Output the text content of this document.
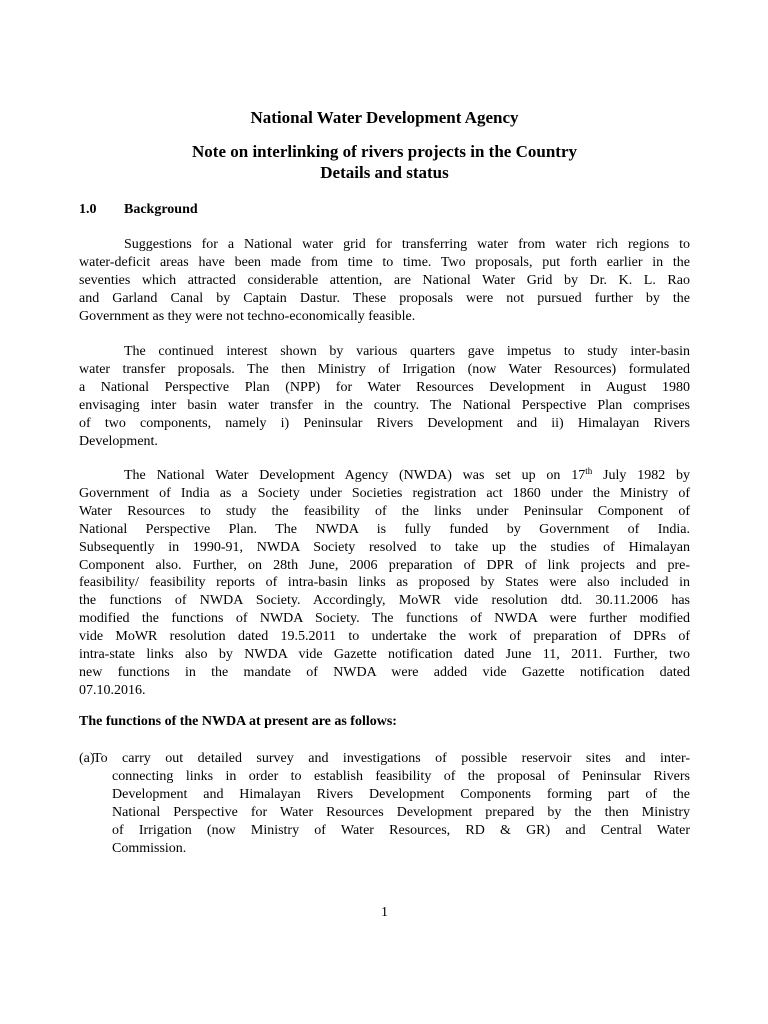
National Water Development Agency

Note on interlinking of rivers projects in the Country

Details and status

1.0 Background

Suggestions for a National water grid for transferring water from water rich regions to
water-deficit areas have been made from time to time. Two proposals, put forth earlier in the
seventies which attracted considerable attention, are National Water Grid by Dr. K. L. Rao
and Garland Canal by Captain Dastur. These proposals were not pursued further by the
Government as they were not techno-economically feasible.
The continued interest shown by various quarters gave impetus to study inter-basin
water transfer proposals. The then Ministry of Irrigation (now Water Resources) formulated
a National Perspective Plan (NPP) for Water Resources Development in August 1980
envisaging inter basin water transfer in the country. The National Perspective Plan comprises
of two components, namely i) Peninsular Rivers Development and ii) Himalayan Rivers
Development.
The National Water Development Agency (NWDA) was set up on 17th July 1982 by
Government of India as a Society under Societies registration act 1860 under the Ministry of
Water Resources to study the feasibility of the links under Peninsular Component of
National Perspective Plan. The NWDA is fully funded by Government of India.
Subsequently in 1990-91, NWDA Society resolved to take up the studies of Himalayan
Component also. Further, on 28th June, 2006 preparation of DPR of link projects and pre-
feasibility/ feasibility reports of intra-basin links as proposed by States were also included in
the functions of NWDA Society. Accordingly, MoWR vide resolution dtd. 30.11.2006 has
modified the functions of NWDA Society. The functions of NWDA were further modified
vide MoWR resolution dated 19.5.2011 to undertake the work of preparation of DPRs of
intra-state links also by NWDA vide Gazette notification dated June 11, 2011. Further, two
new functions in the mandate of NWDA were added vide Gazette notification dated
07.10.2016.

The functions of the NWDA at present are as follows:

(a)
To carry out detailed survey and investigations of possible reservoir sites and inter-
connecting links in order to establish feasibility of the proposal of Peninsular Rivers
Development and Himalayan Rivers Development Components forming part of the
National Perspective for Water Resources Development prepared by the then Ministry
of Irrigation (now Ministry of Water Resources, RD & GR) and Central Water
Commission.

1
